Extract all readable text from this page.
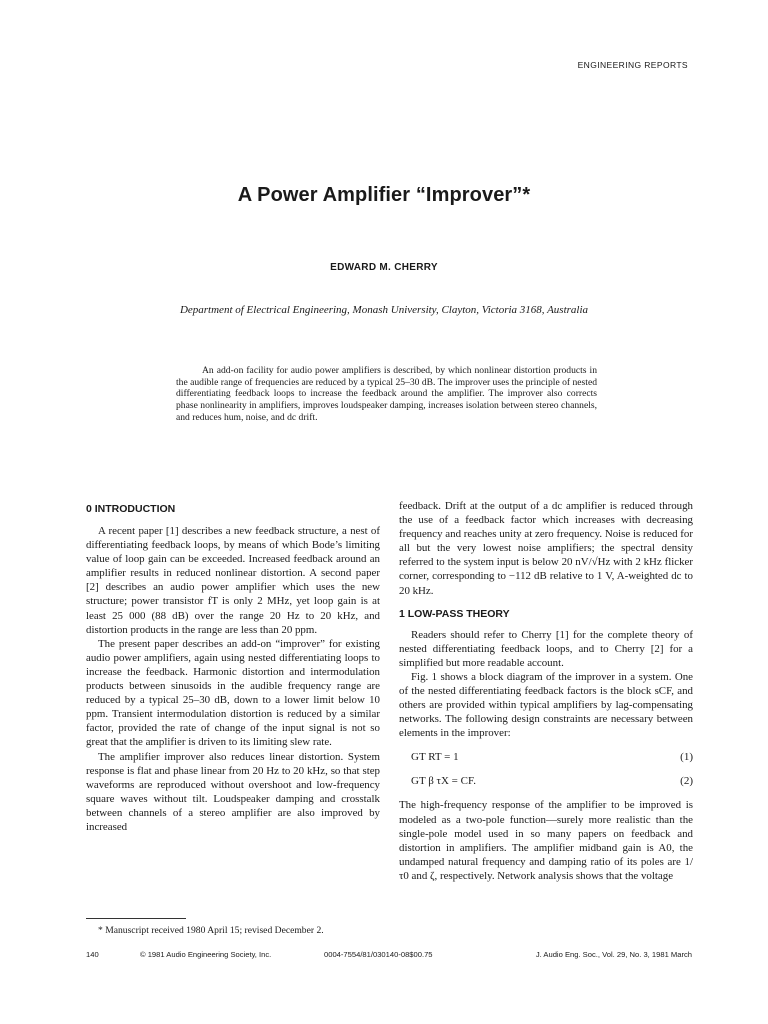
ENGINEERING REPORTS
A Power Amplifier “Improver”*
EDWARD M. CHERRY
Department of Electrical Engineering, Monash University, Clayton, Victoria 3168, Australia

An add-on facility for audio power amplifiers is described, by which nonlinear distortion products in the audible range of frequencies are reduced by a typical 25–30 dB. The improver uses the principle of nested differentiating feedback loops to increase the feedback around the amplifier. The improver also corrects phase nonlinearity in amplifiers, improves loudspeaker damping, increases isolation between stereo channels, and reduces hum, noise, and dc drift.

0 INTRODUCTION

A recent paper [1] describes a new feedback structure, a nest of differentiating feedback loops, by means of which Bode’s limiting value of loop gain can be exceeded. Increased feedback around an amplifier results in reduced nonlinear distortion. A second paper [2] describes an audio power amplifier which uses the new structure; power transistor fT is only 2 MHz, yet loop gain is at least 25 000 (88 dB) over the range 20 Hz to 20 kHz, and distortion products in the range are less than 20 ppm.

The present paper describes an add-on “improver” for existing audio power amplifiers, again using nested differentiating loops to increase the feedback. Harmonic distortion and intermodulation products between sinusoids in the audible frequency range are reduced by a typical 25–30 dB, down to a lower limit below 10 ppm. Transient intermodulation distortion is reduced by a similar factor, provided the rate of change of the input signal is not so great that the amplifier is driven to its limiting slew rate.

The amplifier improver also reduces linear distortion. System response is flat and phase linear from 20 Hz to 20 kHz, so that step waveforms are reproduced without overshoot and low-frequency square waves without tilt. Loudspeaker damping and crosstalk between channels of a stereo amplifier are also improved by increased

feedback. Drift at the output of a dc amplifier is reduced through the use of a feedback factor which increases with decreasing frequency and reaches unity at zero frequency. Noise is reduced for all but the very lowest noise amplifiers; the spectral density referred to the system input is below 20 nV/√Hz with 2 kHz flicker corner, corresponding to −112 dB relative to 1 V, A-weighted dc to 20 kHz.

1 LOW-PASS THEORY

Readers should refer to Cherry [1] for the complete theory of nested differentiating feedback loops, and to Cherry [2] for a simplified but more readable account.

Fig. 1 shows a block diagram of the improver in a system. One of the nested differentiating feedback factors is the block sCF, and others are provided within typical amplifiers by lag-compensating networks. The following design constraints are necessary between elements in the improver:

GT RT = 1	(1)
GT β τX = CF.	(2)

The high-frequency response of the amplifier to be improved is modeled as a two-pole function—surely more realistic than the single-pole model used in so many papers on feedback and distortion in amplifiers. The amplifier midband gain is A0, the undamped natural frequency and damping ratio of its poles are 1/τ0 and ζ, respectively. Network analysis shows that the voltage

* Manuscript received 1980 April 15; revised December 2.
140	© 1981 Audio Engineering Society, Inc.	0004-7554/81/030140-08$00.75	J. Audio Eng. Soc., Vol. 29, No. 3, 1981 March
